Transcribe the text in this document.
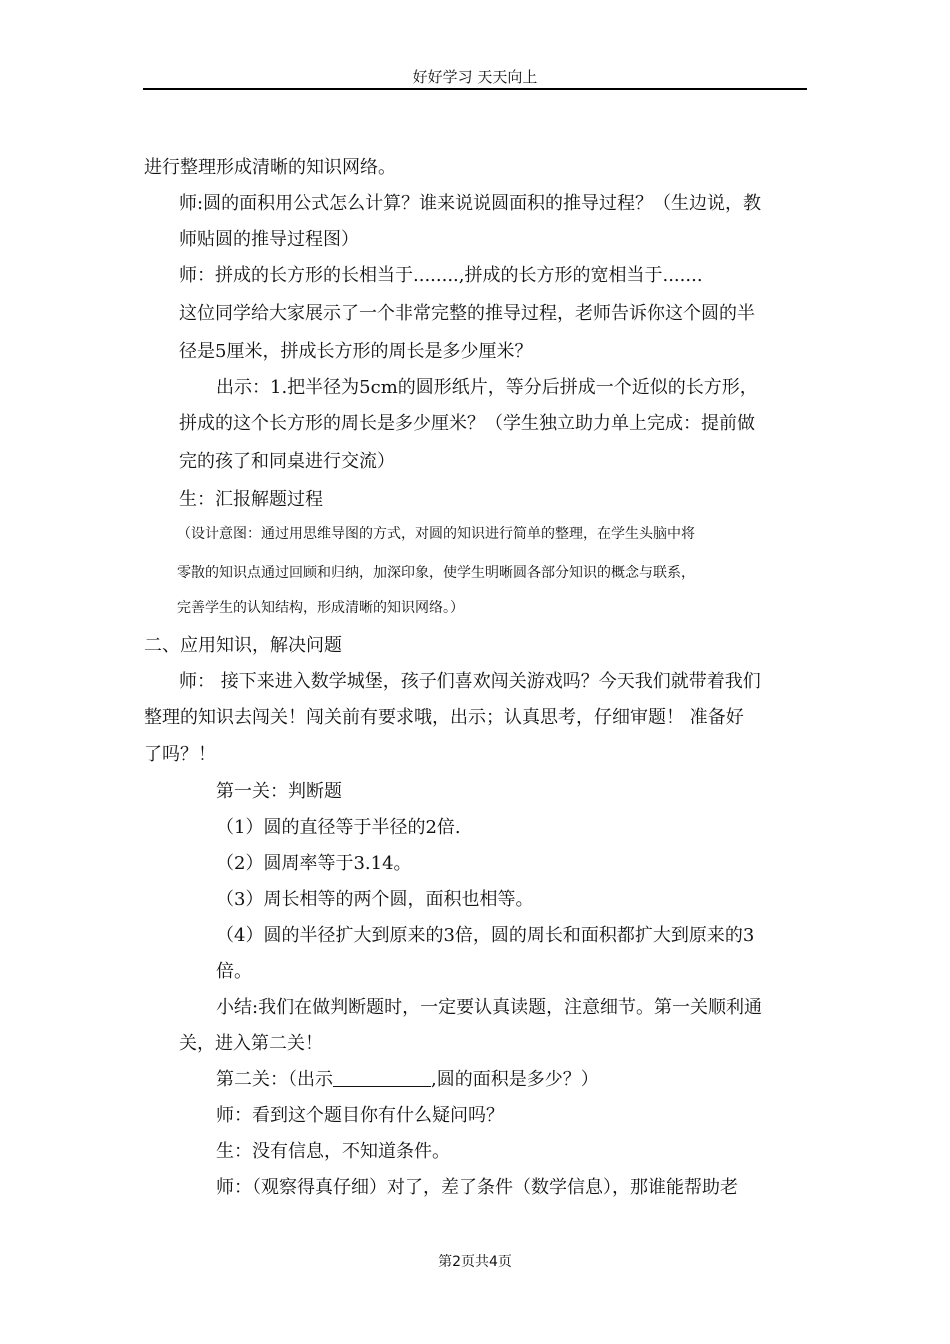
好好学习 天天向上
进行整理形成清晰的知识网络。
师:圆的面积用公式怎么计算？谁来说说圆面积的推导过程？（生边说，教
师贴圆的推导过程图）
师：拼成的长方形的长相当于........,拼成的长方形的宽相当于.......
这位同学给大家展示了一个非常完整的推导过程，老师告诉你这个圆的半
径是5厘米，拼成长方形的周长是多少厘米？
出示：1.把半径为5cm的圆形纸片，等分后拼成一个近似的长方形，
拼成的这个长方形的周长是多少厘米？（学生独立助力单上完成：提前做
完的孩了和同桌进行交流）
生：汇报解题过程
（设计意图：通过用思维导图的方式，对圆的知识进行简单的整理，在学生头脑中将
零散的知识点通过回顾和归纳，加深印象，使学生明晰圆各部分知识的概念与联系，
完善学生的认知结构，形成清晰的知识网络。）
二、应用知识，解决问题
师： 接下来进入数学城堡，孩子们喜欢闯关游戏吗？今天我们就带着我们
整理的知识去闯关！闯关前有要求哦，出示；认真思考，仔细审题！ 准备好
了吗？！
第一关：判断题
（1）圆的直径等于半径的2倍.
（2）圆周率等于3.14。
（3）周长相等的两个圆，面积也相等。
（4）圆的半径扩大到原来的3倍，圆的周长和面积都扩大到原来的3
倍。
小结:我们在做判断题时，一定要认真读题，注意细节。第一关顺利通
关，进入第二关！
第二关：（出示	,圆的面积是多少？）
师：看到这个题目你有什么疑问吗？
生：没有信息，不知道条件。
师：（观察得真仔细）对了，差了条件（数学信息），那谁能帮助老
第2页共4页
